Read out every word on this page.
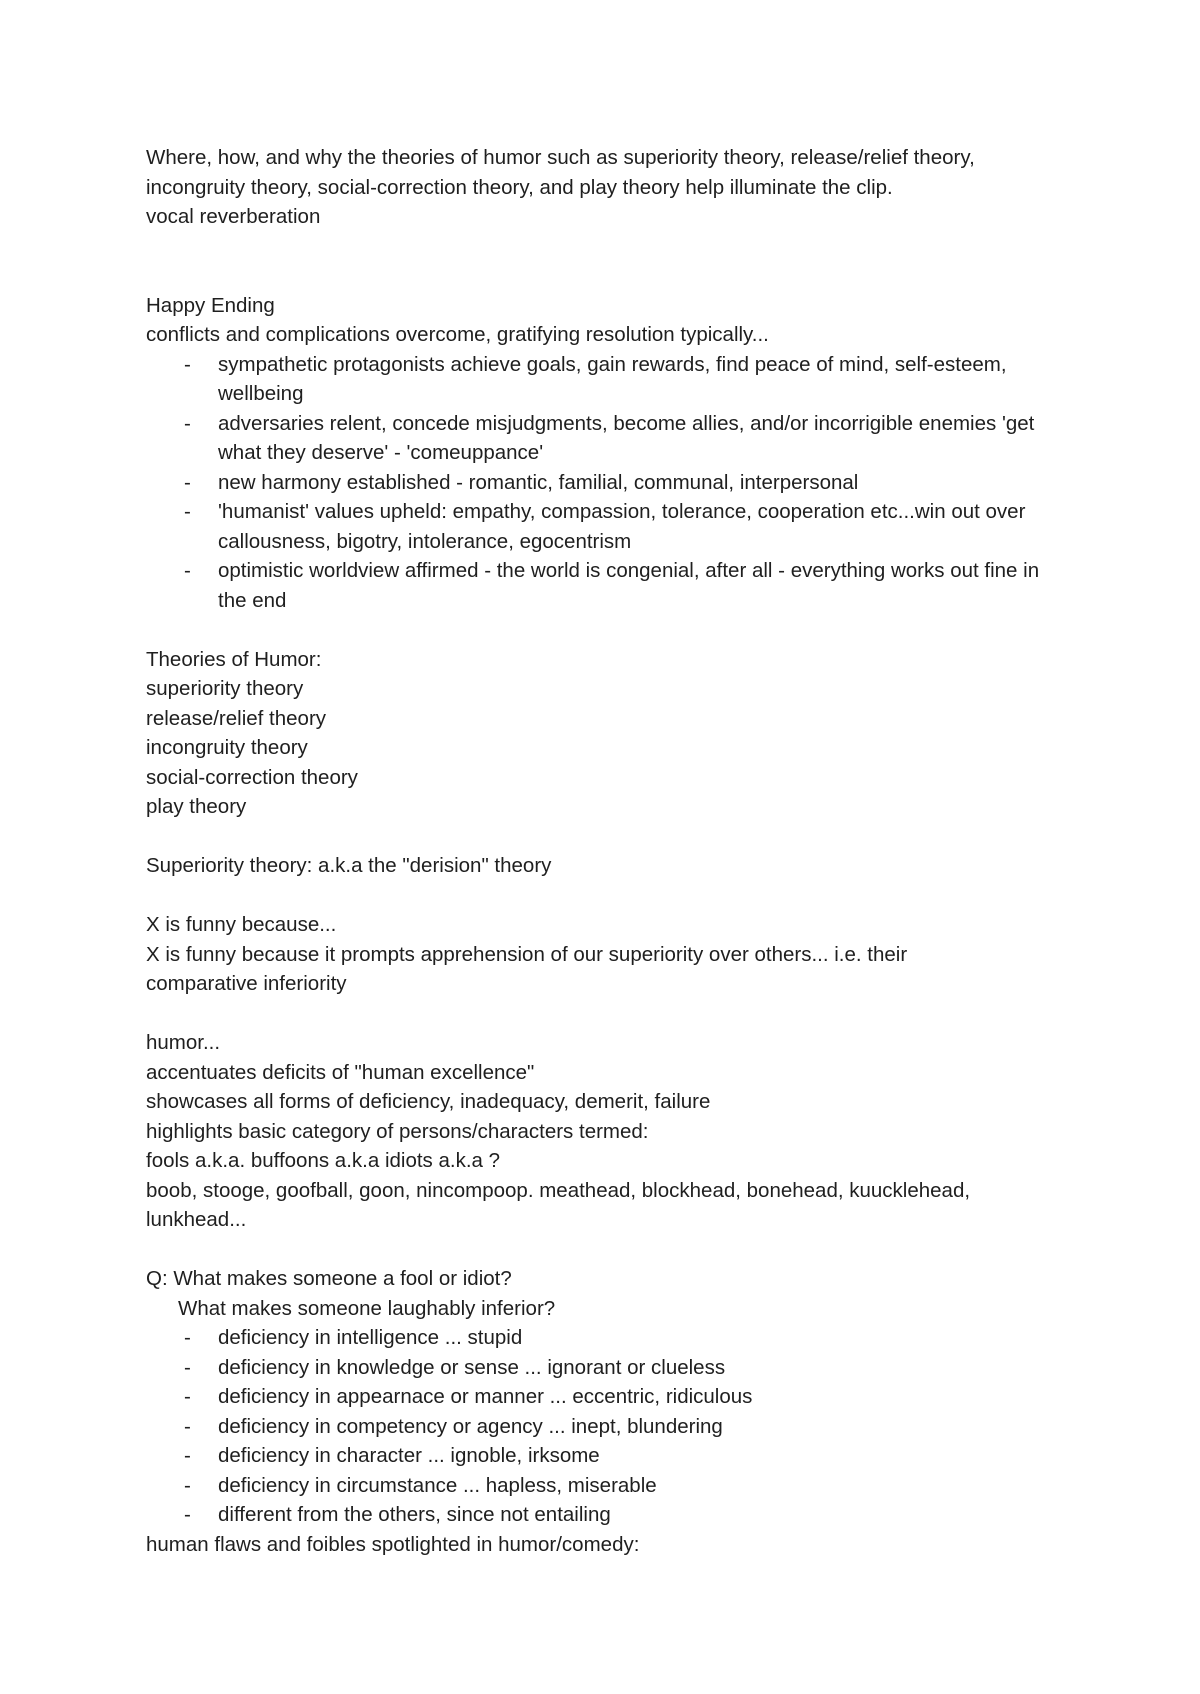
Where, how, and why the theories of humor such as superiority theory, release/relief theory,

incongruity theory, social-correction theory, and play theory help illuminate the clip.

vocal reverberation

Happy Ending

conflicts and complications overcome, gratifying resolution typically...

- sympathetic protagonists achieve goals, gain rewards, find peace of mind, self-esteem, wellbeing
- adversaries relent, concede misjudgments, become allies, and/or incorrigible enemies 'get what they deserve' - 'comeuppance'
- new harmony established - romantic, familial, communal, interpersonal
- 'humanist' values upheld: empathy, compassion, tolerance, cooperation etc...win out over callousness, bigotry, intolerance, egocentrism
- optimistic worldview affirmed - the world is congenial, after all - everything works out fine in the end

Theories of Humor:

superiority theory

release/relief theory

incongruity theory

social-correction theory

play theory

Superiority theory: a.k.a the "derision" theory

X is funny because...

X is funny because it prompts apprehension of our superiority over others... i.e. their

comparative inferiority

humor...

accentuates deficits of "human excellence"

showcases all forms of deficiency, inadequacy, demerit, failure

highlights basic category of persons/characters termed:

fools a.k.a. buffoons a.k.a idiots a.k.a ?

boob, stooge, goofball, goon, nincompoop. meathead, blockhead, bonehead, kuucklehead,

lunkhead...

Q: What makes someone a fool or idiot?

What makes someone laughably inferior?

- deficiency in intelligence ... stupid
- deficiency in knowledge or sense ... ignorant or clueless
- deficiency in appearnace or manner ... eccentric, ridiculous
- deficiency in competency or agency ... inept, blundering
- deficiency in character ... ignoble, irksome
- deficiency in circumstance ... hapless, miserable
- different from the others, since not entailing

human flaws and foibles spotlighted in humor/comedy:
